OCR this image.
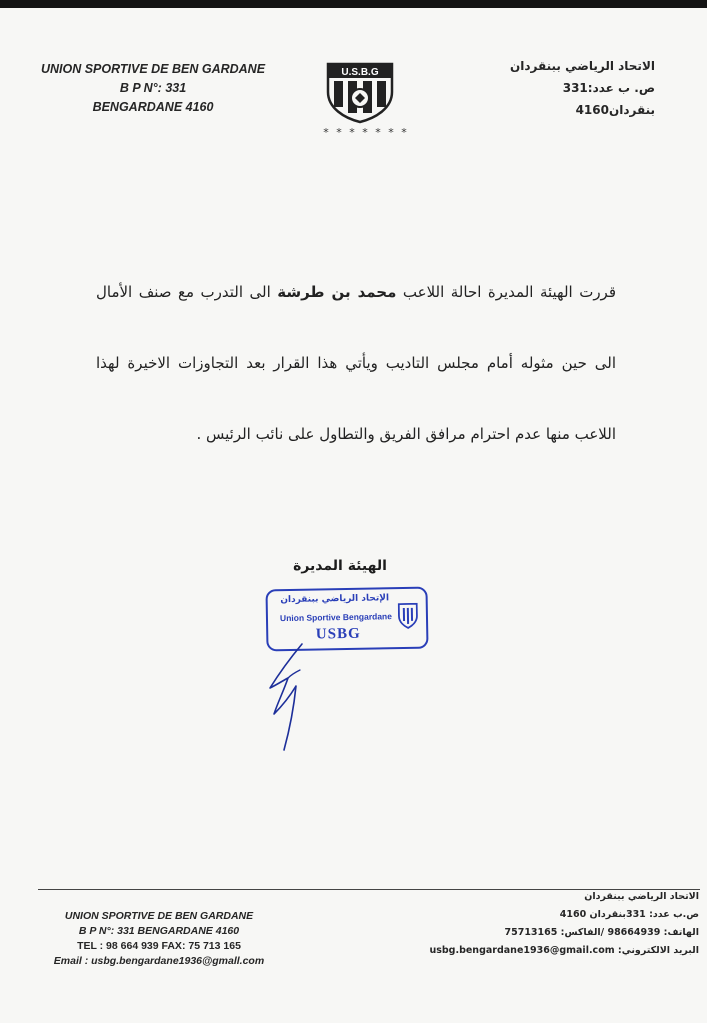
UNION SPORTIVE DE BEN GARDANE
B P N°: 331
BENGARDANE 4160
U.S.B.G
* * * * * * *
الاتحاد الرياضي ببنقردان
ص. ب عدد:331
بنقردان4160
قررت الهيئة المديرة احالة اللاعب محمد بن طرشة الى التدرب مع صنف الأمال الى حين مثوله أمام مجلس التاديب ويأتي هذا القرار بعد التجاوزات الاخيرة لهذا اللاعب منها عدم احترام مرافق الفريق والتطاول على نائب الرئيس .
الهيئة المديرة
الإتحاد الرياضي ببنقردان
Union Sportive Bengardane
USBG
UNION SPORTIVE DE BEN GARDANE
B P N°: 331 BENGARDANE 4160
TEL : 98 664 939 FAX: 75 713 165
Email : usbg.bengardane1936@gmall.com
الاتحاد الرياضي ببنقردان
ص.ب عدد: 331بنقردان 4160
الهاتف: 98664939 /الفاكس: 75713165
البريد الالكتروني: usbg.bengardane1936@gmail.com
